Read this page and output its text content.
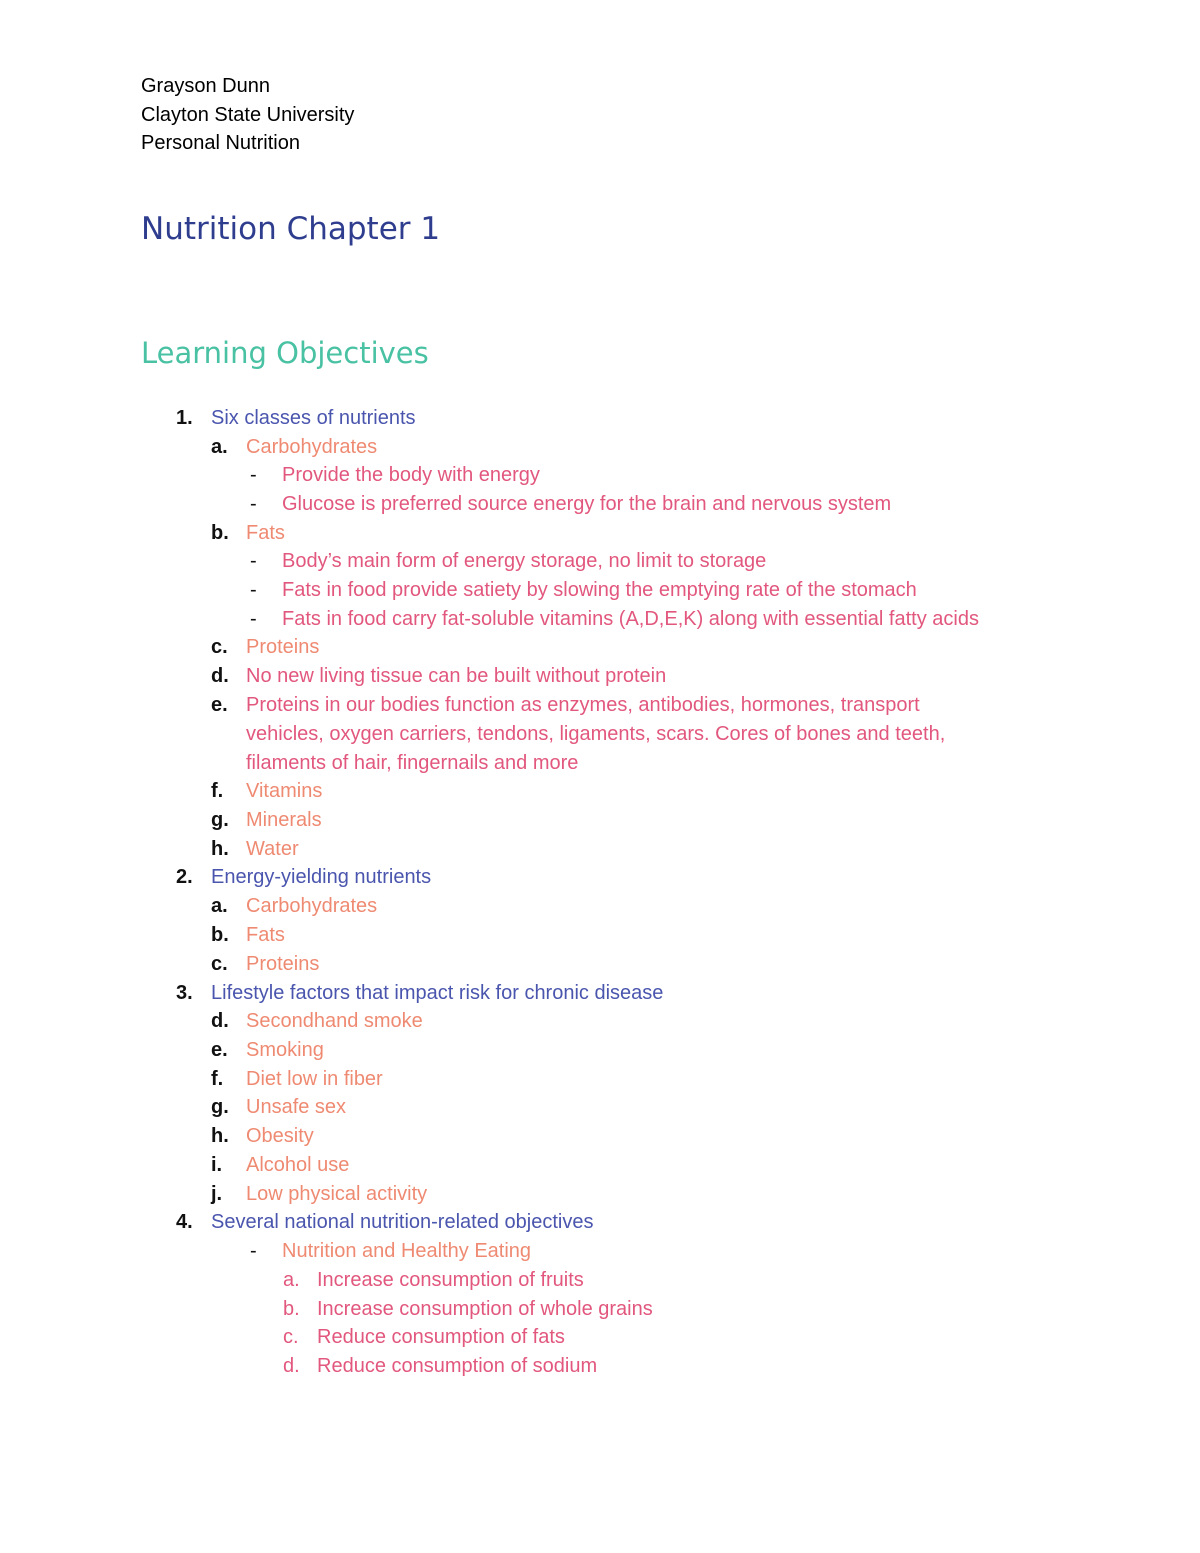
Grayson Dunn
Clayton State University
Personal Nutrition
Nutrition Chapter 1
Learning Objectives
1. Six classes of nutrients
a. Carbohydrates
- Provide the body with energy
- Glucose is preferred source energy for the brain and nervous system
b. Fats
- Body’s main form of energy storage, no limit to storage
- Fats in food provide satiety by slowing the emptying rate of the stomach
- Fats in food carry fat-soluble vitamins (A,D,E,K) along with essential fatty acids
c. Proteins
d. No new living tissue can be built without protein
e. Proteins in our bodies function as enzymes, antibodies, hormones, transport
vehicles, oxygen carriers, tendons, ligaments, scars. Cores of bones and teeth,
filaments of hair, fingernails and more
f. Vitamins
g. Minerals
h. Water
2. Energy-yielding nutrients
a. Carbohydrates
b. Fats
c. Proteins
3. Lifestyle factors that impact risk for chronic disease
d. Secondhand smoke
e. Smoking
f. Diet low in fiber
g. Unsafe sex
h. Obesity
i. Alcohol use
j. Low physical activity
4. Several national nutrition-related objectives
- Nutrition and Healthy Eating
a. Increase consumption of fruits
b. Increase consumption of whole grains
c. Reduce consumption of fats
d. Reduce consumption of sodium
